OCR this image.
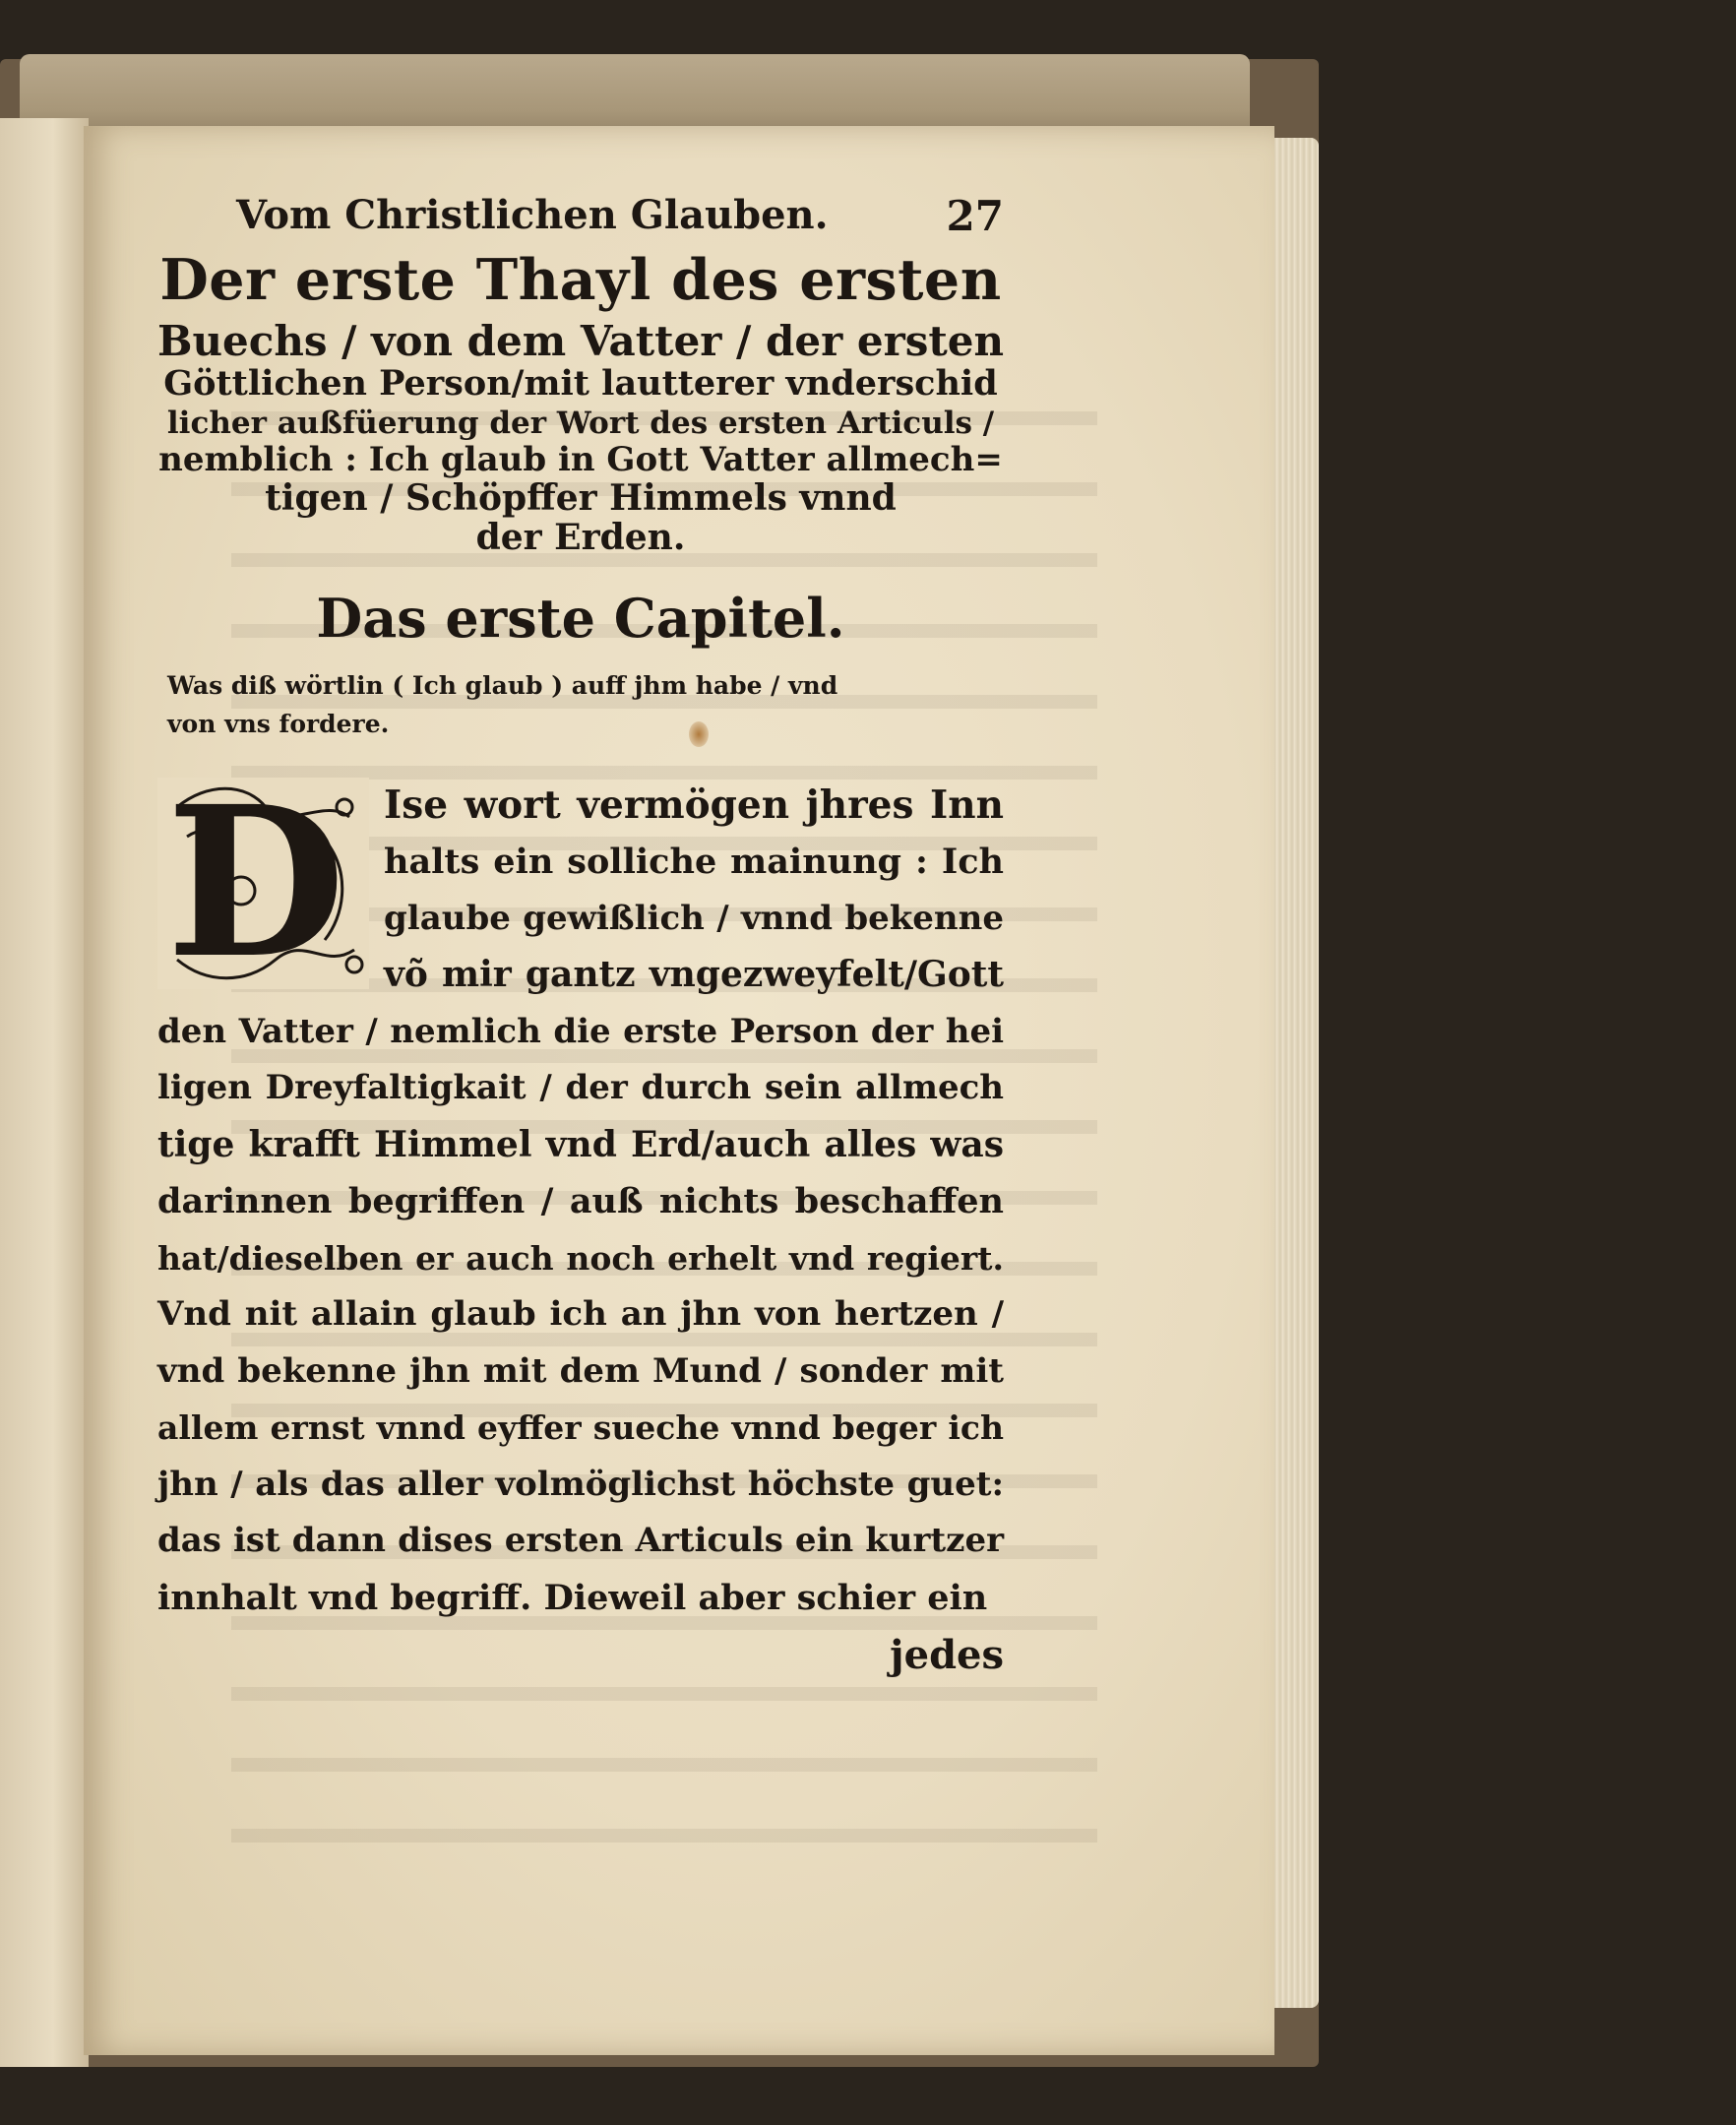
Vom Christlichen Glauben.	27
Der erste Thayl des ersten
Buechs / von dem Vatter / der ersten
Göttlichen Person/mit lautterer vnderschid
licher außfüerung der Wort des ersten Articuls /
nemblich : Ich glaub in Gott Vatter allmech=
tigen / Schöpffer Himmels vnnd
der Erden.
Das erste Capitel.
Was diß wörtlin ( Ich glaub ) auff jhm habe / vnd
von vns fordere.
D Ise wort vermögen jhres Inn
halts ein solliche mainung : Ich
glaube gewißlich / vnnd bekenne
võ mir gantz vngezweyfelt/Gott
den Vatter / nemlich die erste Person der hei
ligen Dreyfaltigkait / der durch sein allmech
tige krafft Himmel vnd Erd/auch alles was
darinnen begriffen / auß nichts beschaffen
hat/dieselben er auch noch erhelt vnd regiert.
Vnd nit allain glaub ich an jhn von hertzen /
vnd bekenne jhn mit dem Mund / sonder mit
allem ernst vnnd eyffer sueche vnnd beger ich
jhn / als das aller volmöglichst höchste guet:
das ist dann dises ersten Articuls ein kurtzer
innhalt vnd begriff. Dieweil aber schier ein
jedes
